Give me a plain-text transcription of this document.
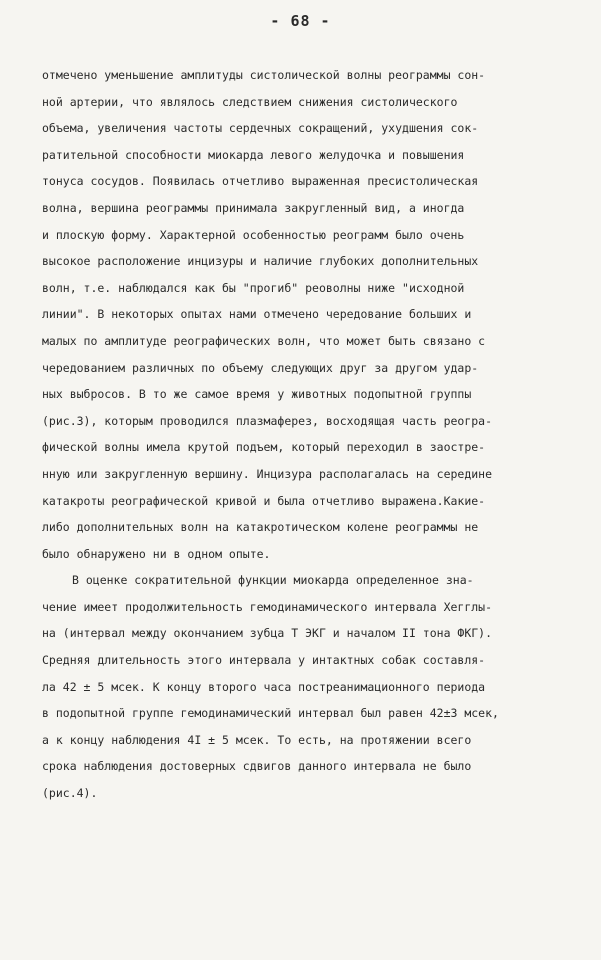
- 68 -
отмечено уменьшение амплитуды систолической волны реограммы сон-
ной артерии, что являлось следствием снижения систолического
объема, увеличения частоты сердечных сокращений, ухудшения сок-
ратительной способности миокарда левого желудочка и повышения
тонуса сосудов. Появилась отчетливо выраженная пресистолическая
волна, вершина реограммы принимала закругленный вид, а иногда
и плоскую форму. Характерной особенностью реограмм было очень
высокое расположение инцизуры и наличие глубоких дополнительных
волн, т.е. наблюдался как бы "прогиб" реоволны ниже "исходной
линии". В некоторых опытах нами отмечено чередование больших и
малых по амплитуде реографических волн, что может быть связано с
чередованием различных по объему следующих друг за другом удар-
ных выбросов. В то же самое время у животных подопытной группы
(рис.3), которым проводился плазмаферез, восходящая часть реогра-
фической волны имела крутой подъем, который переходил в заостре-
нную или закругленную вершину. Инцизура располагалась на середине
катакроты реографической кривой и была отчетливо выражена.Какие-
либо дополнительных волн на катакротическом колене реограммы не
было обнаружено ни в одном опыте.
В оценке сократительной функции миокарда определенное зна-
чение имеет продолжительность гемодинамического интервала Хегглы-
на (интервал между окончанием зубца Т ЭКГ и началом II тона ФКГ).
Средняя длительность этого интервала у интактных собак составля-
ла 42 ± 5 мсек. К концу второго часа постреанимационного периода
в подопытной группе гемодинамический интервал был равен 42±3 мсек,
а к концу наблюдения 4I ± 5 мсек. То есть, на протяжении всего
срока наблюдения достоверных сдвигов данного интервала не было
(рис.4).
